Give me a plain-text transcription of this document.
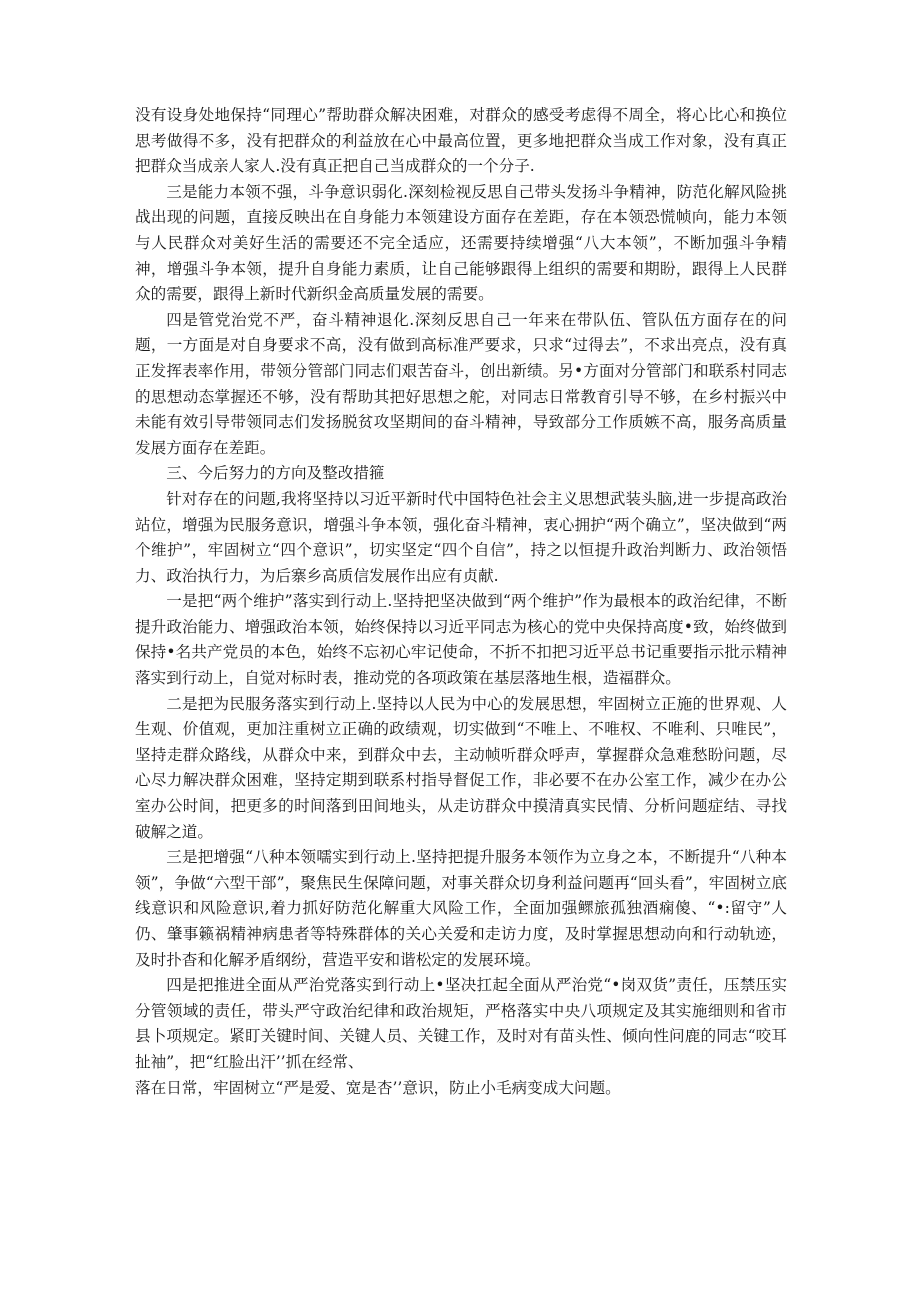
没有设身处地保持“同理心”帮助群众解决困难，对群众的感受考虑得不周全，将心比心和换位思考做得不多，没有把群众的利益放在心中最高位置，更多地把群众当成工作对象，没有真正把群众当成亲人家人.没有真正把自己当成群众的一个分子.

三是能力本领不强，斗争意识弱化.深刻检视反思自己带头发扬斗争精神，防范化解风险挑战出现的问题，直接反映出在自身能力本领建设方面存在差距，存在本领恐慌帧向，能力本领与人民群众对美好生活的需要还不完全适应，还需要持续增强“八大本领”，不断加强斗争精神，增强斗争本领，提升自身能力素质，让自己能够跟得上组织的需要和期盼，跟得上人民群众的需要，跟得上新时代新织金高质量发展的需要。

四是管党治党不严，奋斗精神退化.深刻反思自己一年来在带队伍、管队伍方面存在的问题，一方面是对自身要求不高，没有做到高标准严要求，只求“过得去”，不求出亮点，没有真正发挥表率作用，带领分管部门同志们艰苦奋斗，创出新绩。另•方面对分管部门和联系村同志的思想动态掌握还不够，没有帮助其把好思想之舵，对同志日常教育引导不够，在乡村振兴中未能有效引导带领同志们发扬脱贫攻坚期间的奋斗精神，导致部分工作质嫉不高，服务高质量发展方面存在差距。

三、今后努力的方向及整改措箍

针对存在的问题,我将坚持以习近平新时代中国特色社会主义思想武装头脑,进一步提高政治站位，增强为民服务意识，增强斗争本领，强化奋斗精神，衷心拥护“两个确立”，坚决做到“两个维护”，牢固树立“四个意识”，切实坚定“四个自信”，持之以恒提升政治判断力、政治领悟力、政治执行力，为后寨乡高质信发展作出应有贞献.

一是把“两个维护”落实到行动上.坚持把坚决做到“两个维护”作为最根本的政治纪律，不断提升政治能力、增强政治本领，始终保持以习近平同志为核心的党中央保持高度•致，始终做到保持•名共产党员的本色，始终不忘初心牢记使命，不折不扣把习近平总书记重要指示批示精神落实到行动上，自觉对标时表，推动党的各项政策在基层落地生根，造福群众。

二是把为民服务落实到行动上.坚持以人民为中心的发展思想，牢固树立正施的世界观、人生观、价值观，更加注重树立正确的政绩观，切实做到“不唯上、不唯权、不唯利、只唯民”，坚持走群众路线，从群众中来，到群众中去，主动帧听群众呼声，掌握群众急难愁盼问题，尽心尽力解决群众困难，坚持定期到联系村指导督促工作，非必要不在办公室工作，减少在办公室办公时间，把更多的时间落到田间地头，从走访群众中摸清真实民情、分析问题症结、寻找破解之道。

三是把增强“八种本领嚅实到行动上.坚持把提升服务本领作为立身之本，不断提升“八种本领”，争做“六型干部”，聚焦民生保障问题，对事关群众切身利益问题再“回头看”，牢固树立底线意识和风险意识,着力抓好防范化解重大风险工作，全面加强鳏旅孤独酒痫傻、“•:留守”人仍、肇事籁祸精神病患者等特殊群体的关心关爱和走访力度，及时掌握思想动向和行动轨迹，及时扑杳和化解矛盾纲纷，营造平安和谐松定的发展环境。

四是把推进全面从严治党落实到行动上•坚决扛起全面从严治党“•岗双货”责任，压禁压实分管领域的责任，带头严守政治纪律和政治规矩，严格落实中央八项规定及其实施细则和省市县卜项规定。紧盯关键时间、关键人员、关键工作，及时对有苗头性、倾向性问鹿的同志“咬耳扯袖”，把“红脸出汗’’抓在经常、

落在日常，牢固树立“严是爱、宽是杏’’意识，防止小毛病变成大问题。
